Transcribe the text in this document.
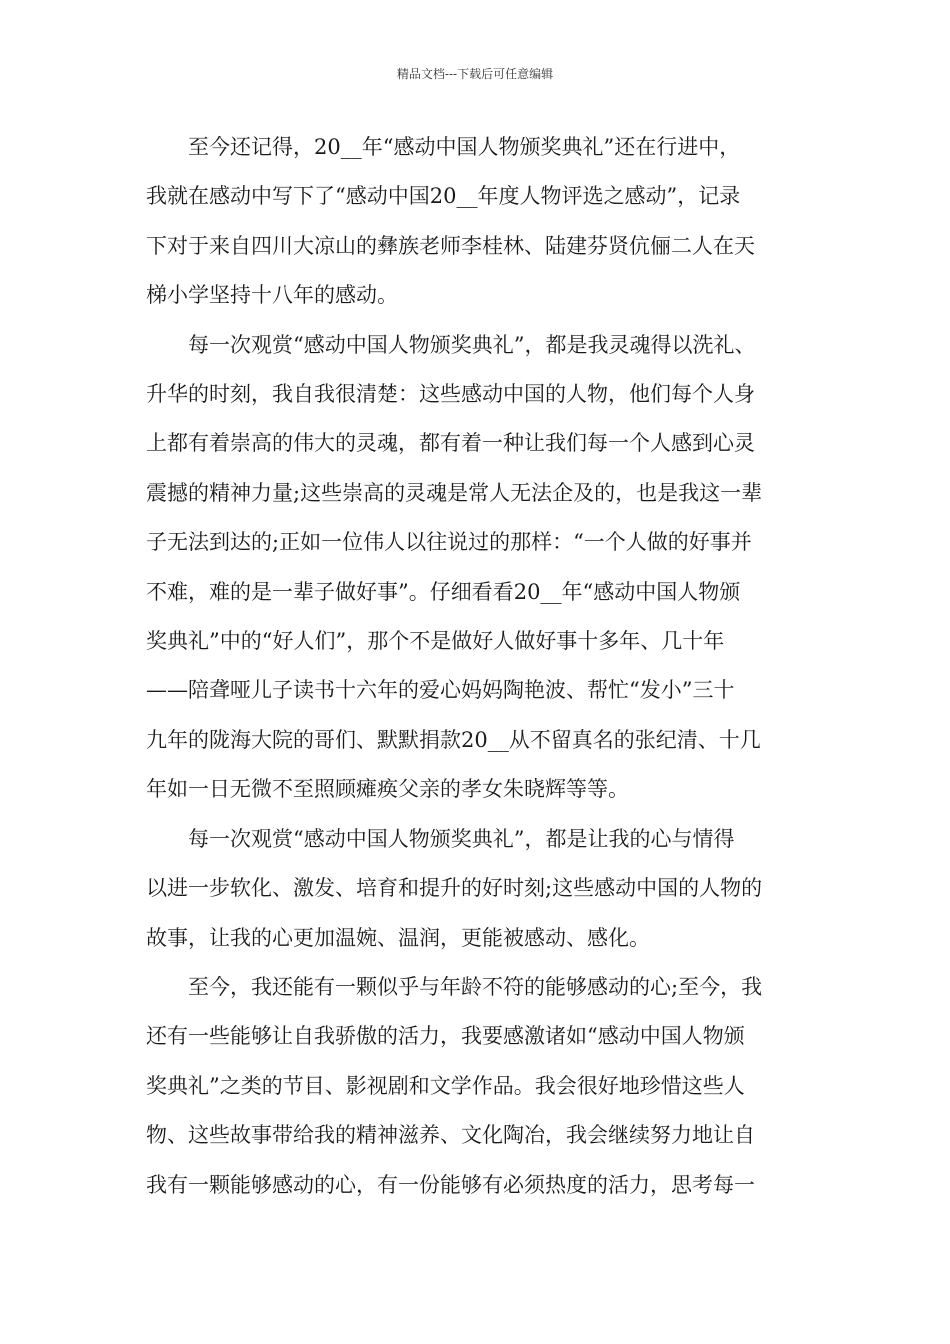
精品文档---下载后可任意编辑

　　至今还记得，20__年“感动中国人物颁奖典礼”还在行进中，
我就在感动中写下了“感动中国20__年度人物评选之感动”，记录
下对于来自四川大凉山的彝族老师李桂林、陆建芬贤伉俪二人在天
梯小学坚持十八年的感动。

　　每一次观赏“感动中国人物颁奖典礼”，都是我灵魂得以洗礼、
升华的时刻，我自我很清楚：这些感动中国的人物，他们每个人身
上都有着崇高的伟大的灵魂，都有着一种让我们每一个人感到心灵
震撼的精神力量;这些崇高的灵魂是常人无法企及的，也是我这一辈
子无法到达的;正如一位伟人以往说过的那样：“一个人做的好事并
不难，难的是一辈子做好事”。仔细看看20__年“感动中国人物颁
奖典礼”中的“好人们”，那个不是做好人做好事十多年、几十年
——陪聋哑儿子读书十六年的爱心妈妈陶艳波、帮忙“发小”三十
九年的陇海大院的哥们、默默捐款20__从不留真名的张纪清、十几
年如一日无微不至照顾瘫痪父亲的孝女朱晓辉等等。

　　每一次观赏“感动中国人物颁奖典礼”，都是让我的心与情得
以进一步软化、激发、培育和提升的好时刻;这些感动中国的人物的
故事，让我的心更加温婉、温润，更能被感动、感化。

　　至今，我还能有一颗似乎与年龄不符的能够感动的心;至今，我
还有一些能够让自我骄傲的活力，我要感激诸如“感动中国人物颁
奖典礼”之类的节目、影视剧和文学作品。我会很好地珍惜这些人
物、这些故事带给我的精神滋养、文化陶冶，我会继续努力地让自
我有一颗能够感动的心，有一份能够有必须热度的活力，思考每一
